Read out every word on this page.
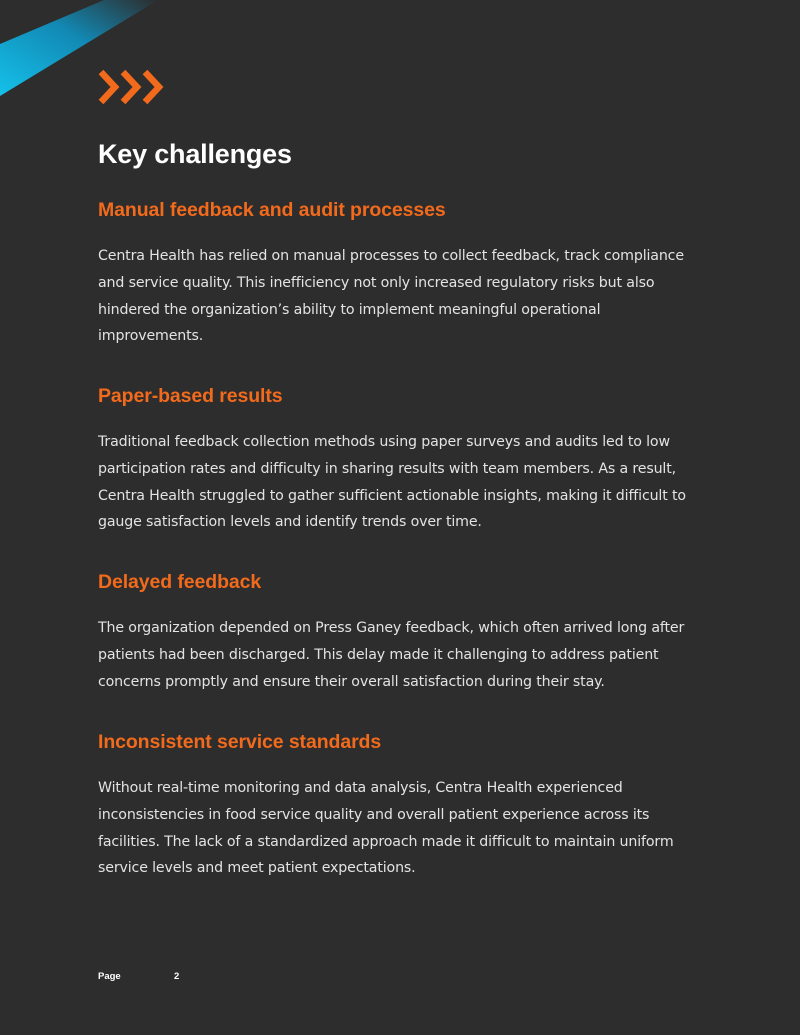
Key challenges
Manual feedback and audit processes

Centra Health has relied on manual processes to collect feedback, track compliance and service quality. This inefficiency not only increased regulatory risks but also hindered the organization’s ability to implement meaningful operational improvements.

Paper-based results

Traditional feedback collection methods using paper surveys and audits led to low participation rates and difficulty in sharing results with team members. As a result, Centra Health struggled to gather sufficient actionable insights, making it difficult to gauge satisfaction levels and identify trends over time.

Delayed feedback

The organization depended on Press Ganey feedback, which often arrived long after patients had been discharged. This delay made it challenging to address patient concerns promptly and ensure their overall satisfaction during their stay.

Inconsistent service standards

Without real-time monitoring and data analysis, Centra Health experienced inconsistencies in food service quality and overall patient experience across its facilities. The lack of a standardized approach made it difficult to maintain uniform service levels and meet patient expectations.

Page	2
